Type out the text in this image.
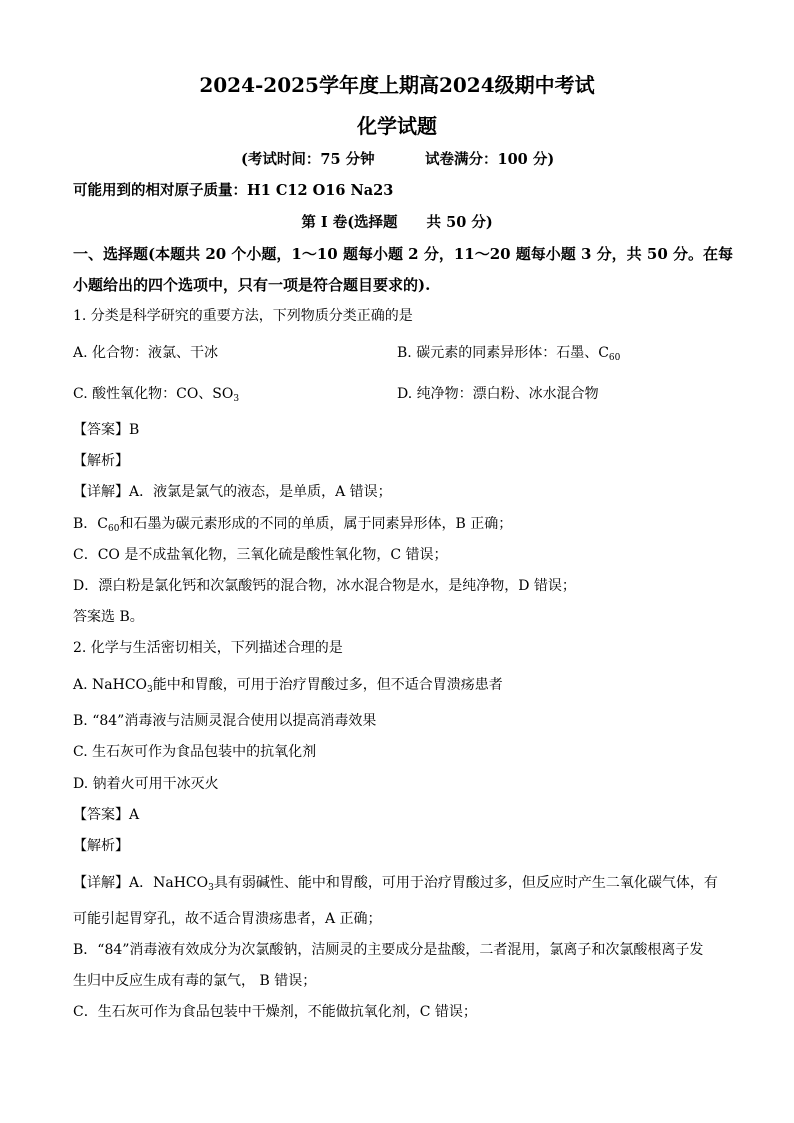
2024-2025学年度上期高2024级期中考试
化学试题
(考试时间：75 分钟	试卷满分：100 分)
可能用到的相对原子质量：H1 C12 O16 Na23
第 I 卷(选择题　　共 50 分)
一、选择题(本题共 20 个小题，1～10 题每小题 2 分，11～20 题每小题 3 分，共 50 分。在每
小题给出的四个选项中，只有一项是符合题目要求的).
1. 分类是科学研究的重要方法，下列物质分类正确的是
A. 化合物：液氯、干冰	B. 碳元素的同素异形体：石墨、$C_{60}$
C. 酸性氧化物：CO、$SO_3$	D. 纯净物：漂白粉、冰水混合物
【答案】B
【解析】
【详解】A．液氯是氯气的液态，是单质，A 错误；
B．$C_{60}$和石墨为碳元素形成的不同的单质，属于同素异形体，B 正确；
C．CO 是不成盐氧化物，三氧化硫是酸性氧化物，C 错误；
D．漂白粉是氯化钙和次氯酸钙的混合物，冰水混合物是水，是纯净物，D 错误；
答案选 B。
2. 化学与生活密切相关，下列描述合理的是
A. NaHCO$_3$能中和胃酸，可用于治疗胃酸过多，但不适合胃溃疡患者
B. “84”消毒液与洁厕灵混合使用以提高消毒效果
C. 生石灰可作为食品包装中的抗氧化剂
D. 钠着火可用干冰灭火
【答案】A
【解析】
【详解】A．NaHCO$_3$具有弱碱性、能中和胃酸，可用于治疗胃酸过多，但反应时产生二氧化碳气体，有
可能引起胃穿孔，故不适合胃溃疡患者，A 正确；
B．“84”消毒液有效成分为次氯酸钠，洁厕灵的主要成分是盐酸，二者混用，氯离子和次氯酸根离子发
生归中反应生成有毒的氯气， B 错误；
C．生石灰可作为食品包装中干燥剂，不能做抗氧化剂，C 错误；
